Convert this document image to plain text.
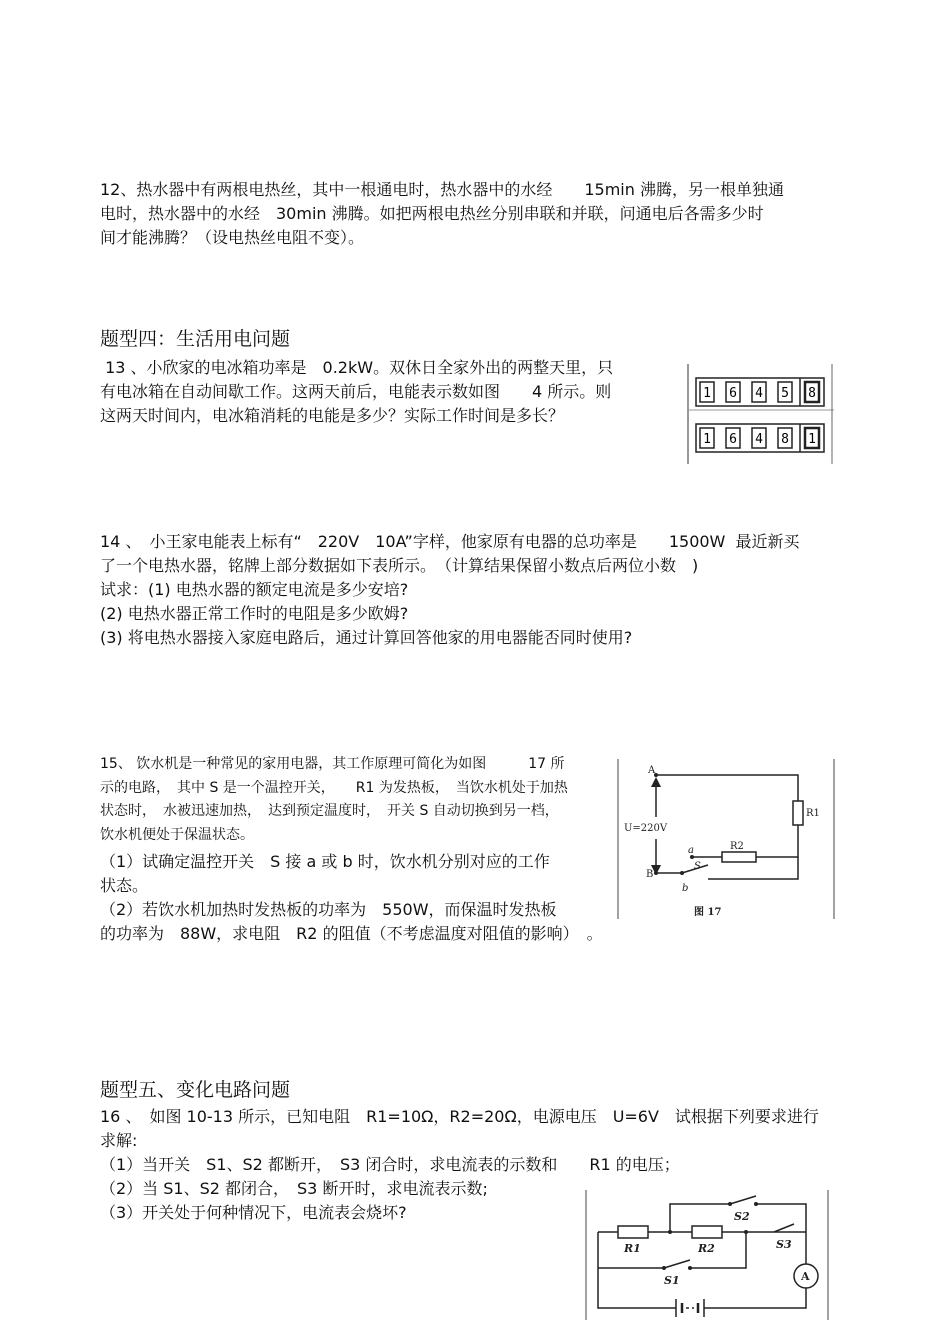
12、热水器中有两根电热丝，其中一根通电时，热水器中的水经　　15min 沸腾，另一根单独通
电时，热水器中的水经　30min 沸腾。如把两根电热丝分别串联和并联，问通电后各需多少时
间才能沸腾？（设电热丝电阻不变）。
题型四：生活用电问题
13 、小欣家的电冰箱功率是　0.2kW。双休日全家外出的两整天里，只
有电冰箱在自动间歇工作。这两天前后，电能表示数如图　　4 所示。则
这两天时间内，电冰箱消耗的电能是多少？实际工作时间是多长？
1 6 4 5 8
1 6 4 8 1
14 、　小王家电能表上标有“　220V　10A”字样，他家原有电器的总功率是　　1500W  最近新买
了一个电热水器，铭牌上部分数据如下表所示。　（计算结果保留小数点后两位小数　)
试求：(1) 电热水器的额定电流是多少安培?
(2) 电热水器正常工作时的电阻是多少欧姆?
(3) 将电热水器接入家庭电路后，通过计算回答他家的用电器能否同时使用?
15、 饮水机是一种常见的家用电器，其工作原理可简化为如图　　　17 所
示的电路，　其中 S 是一个温控开关，　　R1 为发热板，　当饮水机处于加热
状态时，　水被迅速加热，　达到预定温度时，　开关 S 自动切换到另一档，
饮水机便处于保温状态。
（1）试确定温控开关　S 接 a 或 b 时，饮水机分别对应的工作
状态。
（2）若饮水机加热时发热板的功率为　550W，而保温时发热板
的功率为　88W，求电阻　R2 的阻值（不考虑温度对阻值的影响）　。
A
U=220V
R1
R2
a
B
S
b
图 17
题型五、变化电路问题
16 、　如图 10-13 所示，已知电阻　R1=10Ω，R2=20Ω，电源电压　U=6V　试根据下列要求进行
求解:
（1）当开关　S1、S2 都断开，　S3 闭合时，求电流表的示数和　　R1 的电压；
（2）当 S1、S2 都闭合，　S3 断开时，求电流表示数;
（3）开关处于何种情况下，电流表会烧坏?
R1	R2
S1
S2
S3
A
